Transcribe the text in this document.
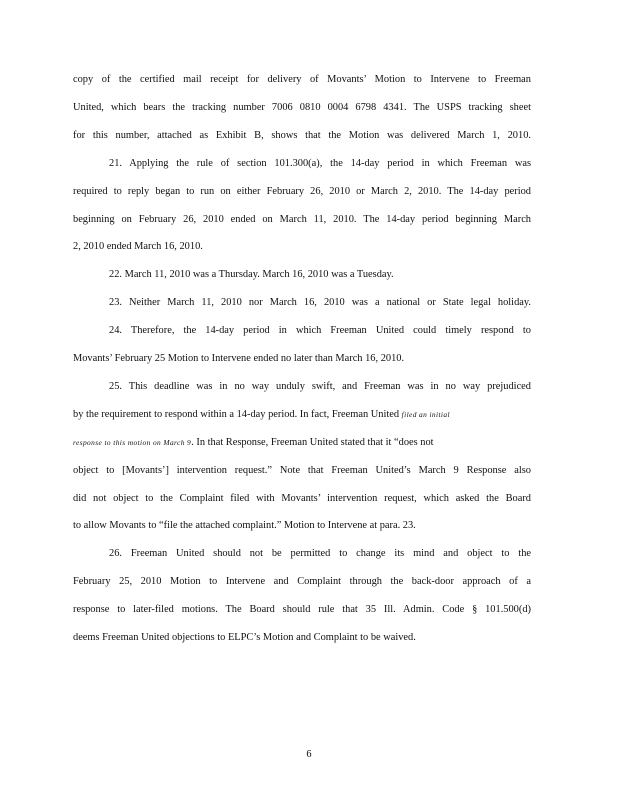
copy of the certified mail receipt for delivery of Movants’ Motion to Intervene to Freeman
United, which bears the tracking number 7006 0810 0004 6798 4341. The USPS tracking sheet
for this number, attached as Exhibit B, shows that the Motion was delivered March 1, 2010.
21. Applying the rule of section 101.300(a), the 14-day period in which Freeman was
required to reply began to run on either February 26, 2010 or March 2, 2010. The 14-day period
beginning on February 26, 2010 ended on March 11, 2010. The 14-day period beginning March
2, 2010 ended March 16, 2010.
22. March 11, 2010 was a Thursday. March 16, 2010 was a Tuesday.
23. Neither March 11, 2010 nor March 16, 2010 was a national or State legal holiday.
24. Therefore, the 14-day period in which Freeman United could timely respond to
Movants’ February 25 Motion to Intervene ended no later than March 16, 2010.
25. This deadline was in no way unduly swift, and Freeman was in no way prejudiced
by the requirement to respond within a 14-day period. In fact, Freeman United filed an initial
response to this motion on March 9. In that Response, Freeman United stated that it “does not
object to [Movants’] intervention request.” Note that Freeman United’s March 9 Response also
did not object to the Complaint filed with Movants’ intervention request, which asked the Board
to allow Movants to “file the attached complaint.” Motion to Intervene at para. 23.
26. Freeman United should not be permitted to change its mind and object to the
February 25, 2010 Motion to Intervene and Complaint through the back-door approach of a
response to later-filed motions. The Board should rule that 35 Ill. Admin. Code § 101.500(d)
deems Freeman United objections to ELPC’s Motion and Complaint to be waived.
6
